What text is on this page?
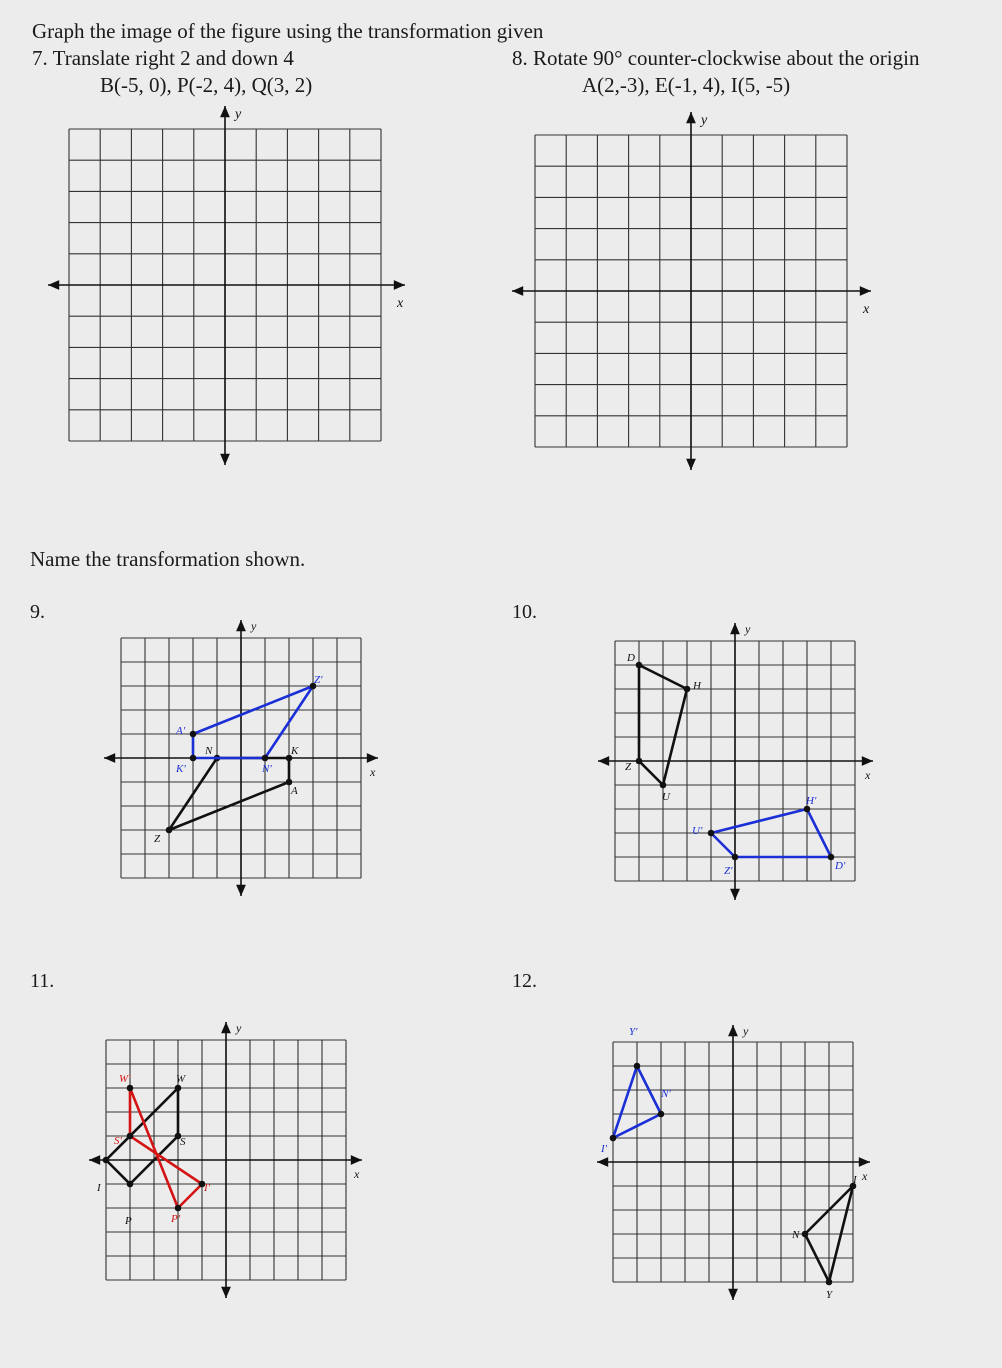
Graph the image of the figure using the transformation given
7. Translate right 2 and down 4
B(-5, 0), P(-2, 4), Q(3, 2)
8. Rotate 90° counter-clockwise about the origin
A(2,-3), E(-1, 4), I(5, -5)
Name the transformation shown.
9.	10.
11.	12.
x
y
x
y
x
y
N	K
A
Z
A'
K'	N'
Z'
x
y
D
H
U
Z
H'
U'
Z'	D'
x
y
W
S
P
I
W'
S'
I'
P'
x
y
I
N
Y
Y'
N'
I'
